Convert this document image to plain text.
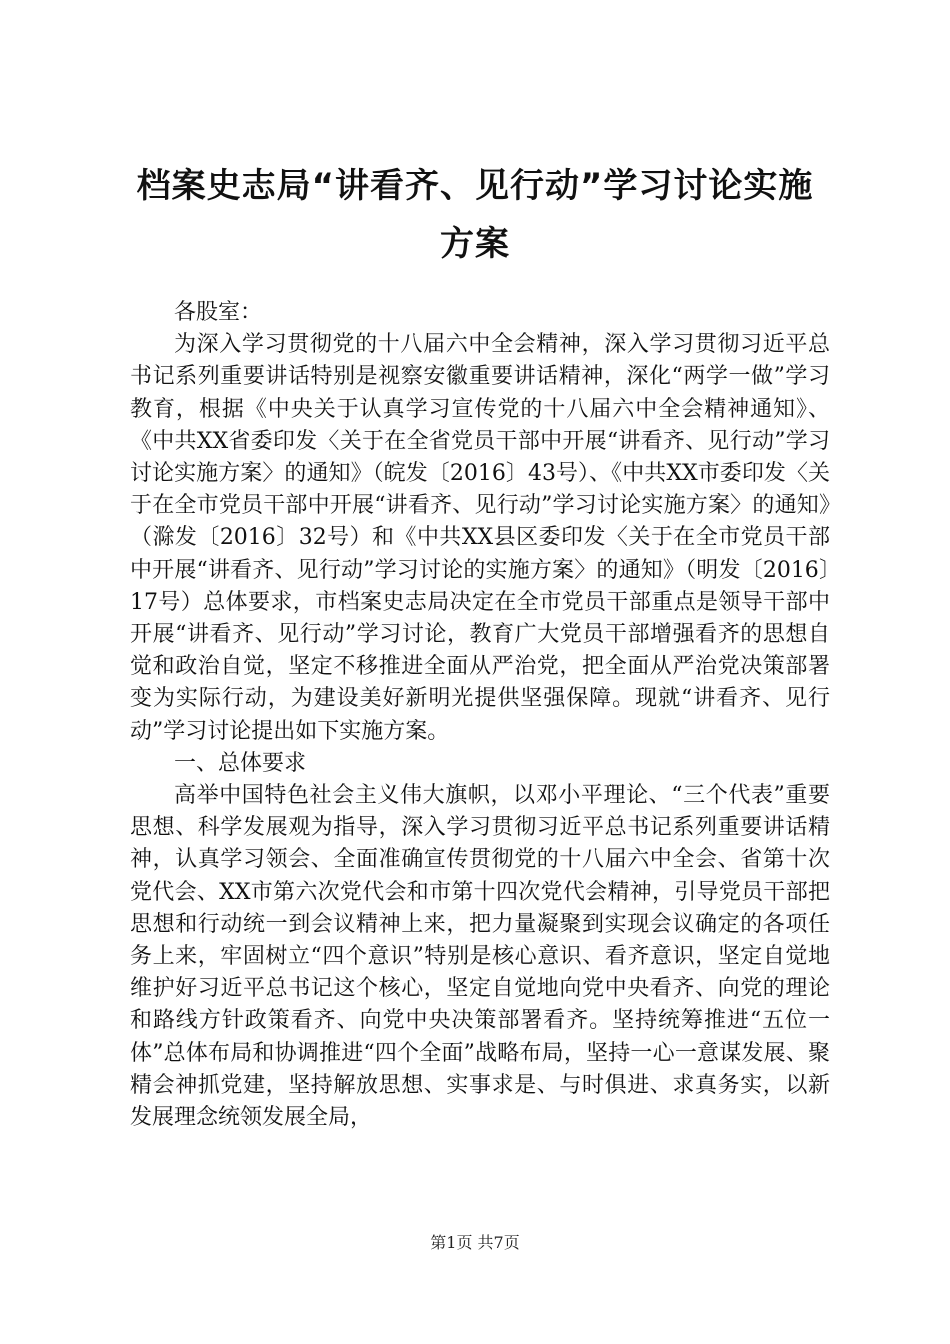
档案史志局“讲看齐、见行动”学习讨论实施
方案

各股室：

为深入学习贯彻党的十八届六中全会精神，深入学习贯彻习近平总书记系列重要讲话特别是视察安徽重要讲话精神，深化“两学一做”学习教育，根据《中央关于认真学习宣传党的十八届六中全会精神通知》、《中共XX省委印发〈关于在全省党员干部中开展“讲看齐、见行动”学习讨论实施方案〉的通知》（皖发〔2016〕43号）、《中共XX市委印发〈关于在全市党员干部中开展“讲看齐、见行动”学习讨论实施方案〉的通知》（滁发〔2016〕32号）和《中共XX县区委印发〈关于在全市党员干部中开展“讲看齐、见行动”学习讨论的实施方案〉的通知》（明发〔2016〕17号）总体要求，市档案史志局决定在全市党员干部重点是领导干部中开展“讲看齐、见行动”学习讨论，教育广大党员干部增强看齐的思想自觉和政治自觉，坚定不移推进全面从严治党，把全面从严治党决策部署变为实际行动，为建设美好新明光提供坚强保障。现就“讲看齐、见行动”学习讨论提出如下实施方案。

一、总体要求

高举中国特色社会主义伟大旗帜，以邓小平理论、“三个代表”重要思想、科学发展观为指导，深入学习贯彻习近平总书记系列重要讲话精神，认真学习领会、全面准确宣传贯彻党的十八届六中全会、省第十次党代会、XX市第六次党代会和市第十四次党代会精神，引导党员干部把思想和行动统一到会议精神上来，把力量凝聚到实现会议确定的各项任务上来，牢固树立“四个意识”特别是核心意识、看齐意识，坚定自觉地维护好习近平总书记这个核心，坚定自觉地向党中央看齐、向党的理论和路线方针政策看齐、向党中央决策部署看齐。坚持统筹推进“五位一体”总体布局和协调推进“四个全面”战略布局，坚持一心一意谋发展、聚精会神抓党建，坚持解放思想、实事求是、与时俱进、求真务实，以新发展理念统领发展全局，

第1页 共7页
